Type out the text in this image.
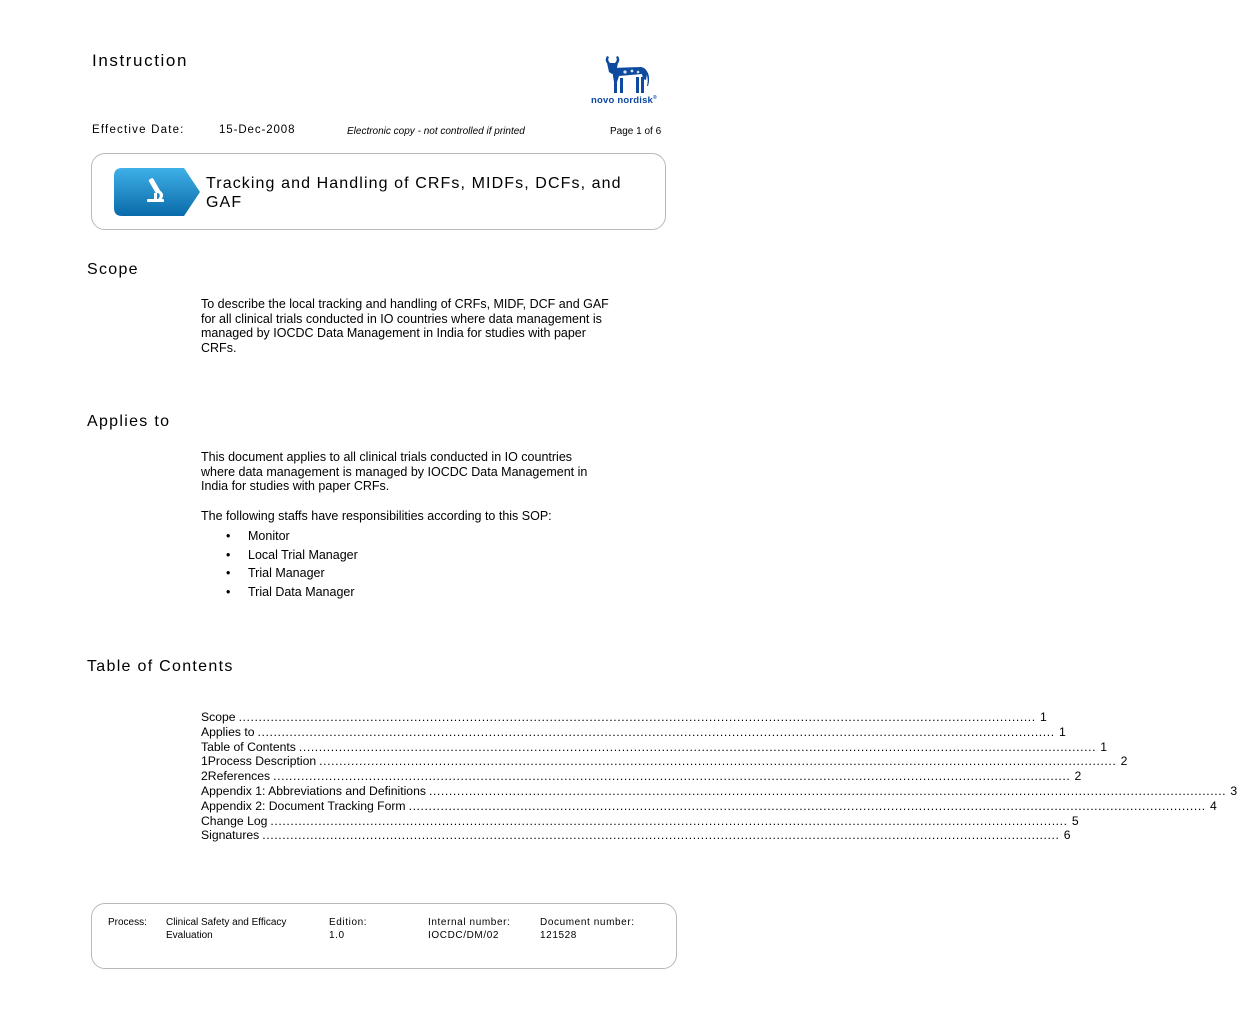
Instruction
novo nordisk®
Effective Date:	15-Dec-2008	Electronic copy - not controlled if printed	Page 1 of 6
Tracking and Handling of CRFs, MIDFs, DCFs, and GAF
Scope
To describe the local tracking and handling of CRFs, MIDF, DCF and GAF
for all clinical trials conducted in IO countries where data management is
managed by IOCDC Data Management in India for studies with paper
CRFs.
Applies to
This document applies to all clinical trials conducted in IO countries
where data management is managed by IOCDC Data Management in
India for studies with paper CRFs.
The following staffs have responsibilities according to this SOP:
• Monitor
• Local Trial Manager
• Trial Manager
• Trial Data Manager
Table of Contents
Scope ........................................................................................................................................................................................................ 1
Applies to ........................................................................................................................................................................................................ 1
Table of Contents ........................................................................................................................................................................................................ 1
1 Process Description ........................................................................................................................................................................................................ 2
2 References ........................................................................................................................................................................................................ 2
Appendix 1: Abbreviations and Definitions ........................................................................................................................................................................................................ 3
Appendix 2: Document Tracking Form ........................................................................................................................................................................................................ 4
Change Log ........................................................................................................................................................................................................ 5
Signatures ........................................................................................................................................................................................................ 6
Process: Clinical Safety and Efficacy
Evaluation
Edition:
1.0
Internal number:
IOCDC/DM/02
Document number:
121528
